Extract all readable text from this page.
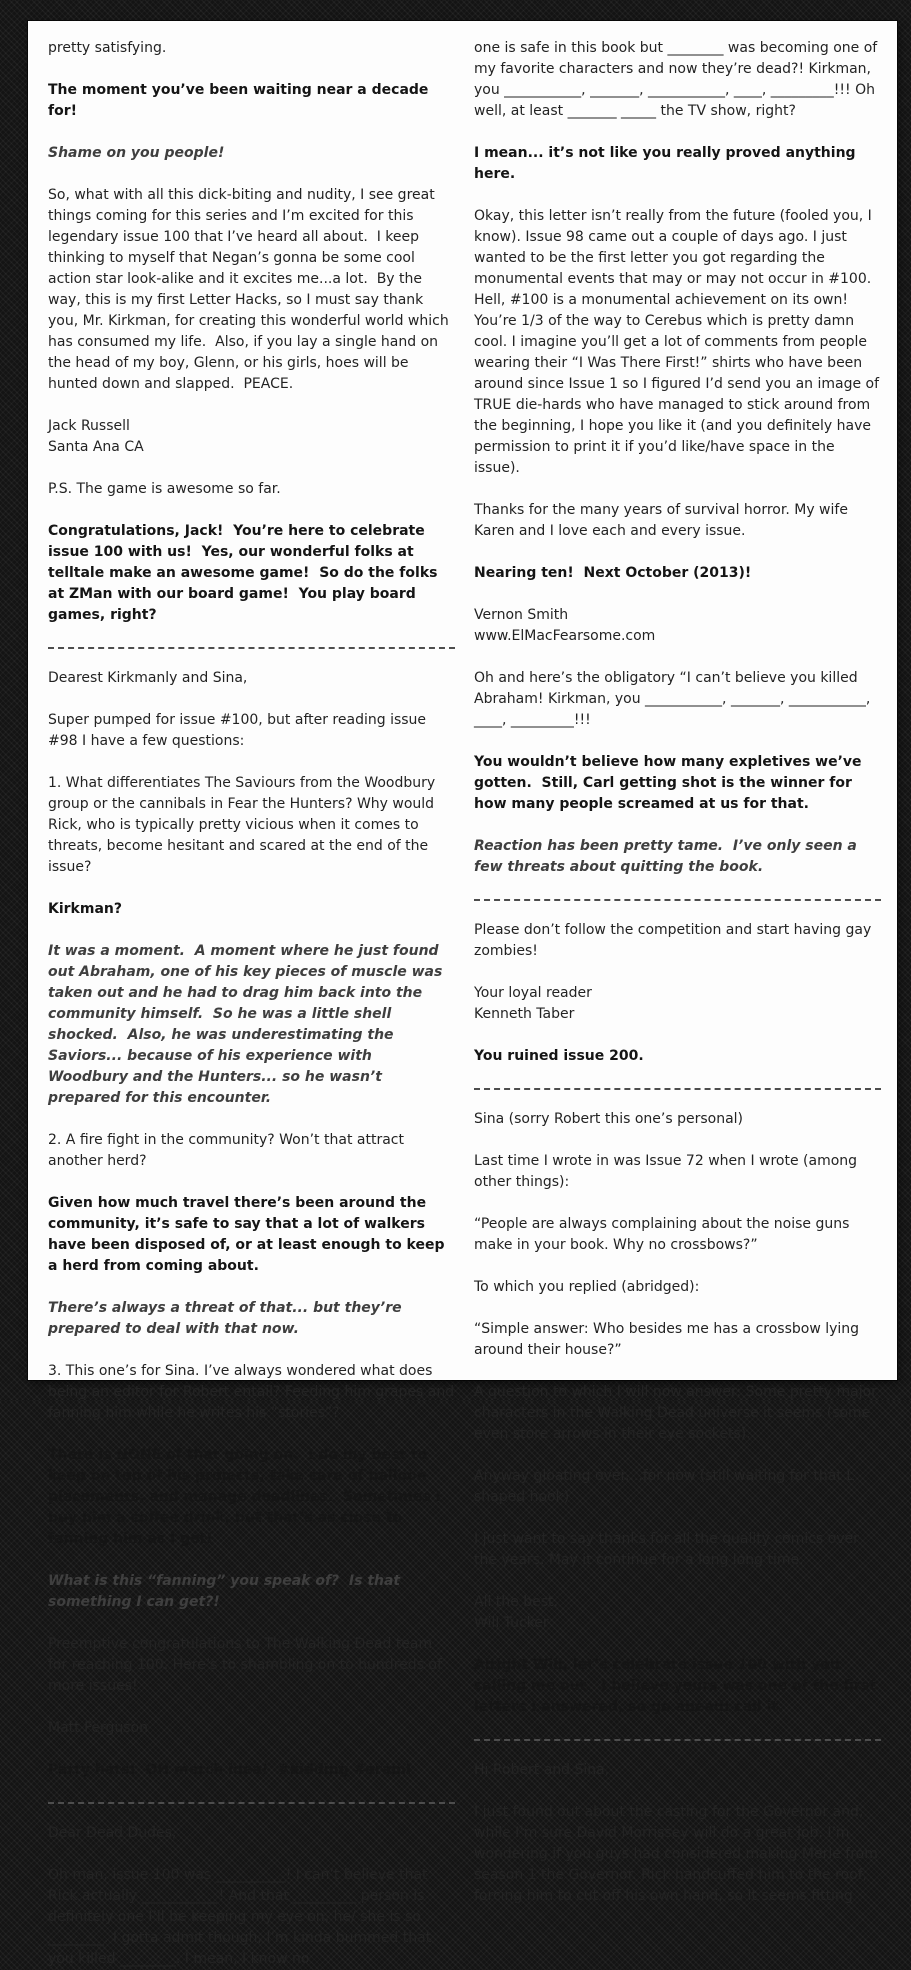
pretty satisfying.

The moment you’ve been waiting near a decade for!

Shame on you people!

So, what with all this dick-biting and nudity, I see great things coming for this series and I’m excited for this legendary issue 100 that I’ve heard all about.  I keep thinking to myself that Negan’s gonna be some cool action star look-alike and it excites me...a lot.  By the way, this is my first Letter Hacks, so I must say thank you, Mr. Kirkman, for creating this wonderful world which has consumed my life.  Also, if you lay a single hand on the head of my boy, Glenn, or his girls, hoes will be hunted down and slapped.  PEACE.

Jack Russell
Santa Ana CA

P.S. The game is awesome so far.

Congratulations, Jack!  You’re here to celebrate issue 100 with us!  Yes, our wonderful folks at telltale make an awesome game!  So do the folks at ZMan with our board game!  You play board games, right?

Dearest Kirkmanly and Sina,

Super pumped for issue #100, but after reading issue #98 I have a few questions:

1. What differentiates The Saviours from the Woodbury group or the cannibals in Fear the Hunters? Why would Rick, who is typically pretty vicious when it comes to threats, become hesitant and scared at the end of the issue?

Kirkman?

It was a moment.  A moment where he just found out Abraham, one of his key pieces of muscle was taken out and he had to drag him back into the community himself.  So he was a little shell shocked.  Also, he was underestimating the Saviors... because of his experience with Woodbury and the Hunters... so he wasn’t prepared for this encounter.

2. A fire fight in the community? Won’t that attract another herd?

Given how much travel there’s been around the community, it’s safe to say that a lot of walkers have been disposed of, or at least enough to keep a herd from coming about.

There’s always a threat of that... but they’re prepared to deal with that now.

3. This one’s for Sina. I’ve always wondered what does being an editor for Robert entail? Feeding him grapes and fanning him while he writes his “stories”?

There is NONE of that going on.  I do my best to keep on top of his projects, take care of balloon placements, and manage deadlines.  Sometimes I buy him a coffee drink, but that’s as close to fanning him as I get!

What is this “fanning” you speak of?  Is that something I can get?!

Preemptive congratulations to The Walking Dead team for reaching 100. Here’s to shambling on to hundreds of more issues!

Matt Ferguson

Party hats!  OH merch idea!  #kidding #oramI

Dear Dead Dudes,

Oh man, issue 100 was __________! I can’t believe that Rick actually ___________! And that _________ person is definitely one I’ll be keeping my eye on, he/ she is so ________. I gotta admit though, I’m kinda bummed that you killed ________. I mean, I know no

one is safe in this book but ________ was becoming one of my favorite characters and now they’re dead?! Kirkman, you ___________, _______, ___________, ____, _________!!! Oh well, at least _______ _____ the TV show, right?

I mean... it’s not like you really proved anything here.

Okay, this letter isn’t really from the future (fooled you, I know). Issue 98 came out a couple of days ago. I just wanted to be the first letter you got regarding the monumental events that may or may not occur in #100. Hell, #100 is a monumental achievement on its own! You’re 1/3 of the way to Cerebus which is pretty damn cool. I imagine you’ll get a lot of comments from people wearing their “I Was There First!” shirts who have been around since Issue 1 so I figured I’d send you an image of TRUE die-hards who have managed to stick around from the beginning, I hope you like it (and you definitely have permission to print it if you’d like/have space in the issue).

Thanks for the many years of survival horror. My wife Karen and I love each and every issue.

Nearing ten!  Next October (2013)!

Vernon Smith
www.ElMacFearsome.com

Oh and here’s the obligatory “I can’t believe you killed Abraham! Kirkman, you ___________, _______, ___________, ____, _________!!!

You wouldn’t believe how many expletives we’ve gotten.  Still, Carl getting shot is the winner for how many people screamed at us for that.

Reaction has been pretty tame.  I’ve only seen a few threats about quitting the book.

Please don’t follow the competition and start having gay zombies!

Your loyal reader
Kenneth Taber

You ruined issue 200.

Sina (sorry Robert this one’s personal)

Last time I wrote in was Issue 72 when I wrote (among other things):

“People are always complaining about the noise guns make in your book. Why no crossbows?”

To which you replied (abridged):

“Simple answer: Who besides me has a crossbow lying around their house?”

A question to which I will now answer: Some pretty major characters in the Walking Dead universe it seems (some even store arrows in their eye sockets).

Anyway gloating over....for now (still waiting for that L shaped hook)

I just want to say thanks for all the quality comics over the years. May it continue for a long long time.

All the best,
Will Tucker

Alright Will, let’s celebrate issue 100 with you calling me out.  I believe yours was one of the first letters I answered, so go ahead: call it.

Hi Robert and Sina,

I just found out about the casting for the Governor and, while I’m sure David Morrissey will do a great job, I’m wondering if you guys had considered making Merle from season 1 the Governor. Rick handcuffed him to the roof, forcing him to cut off his own hand, so it seems fitting
